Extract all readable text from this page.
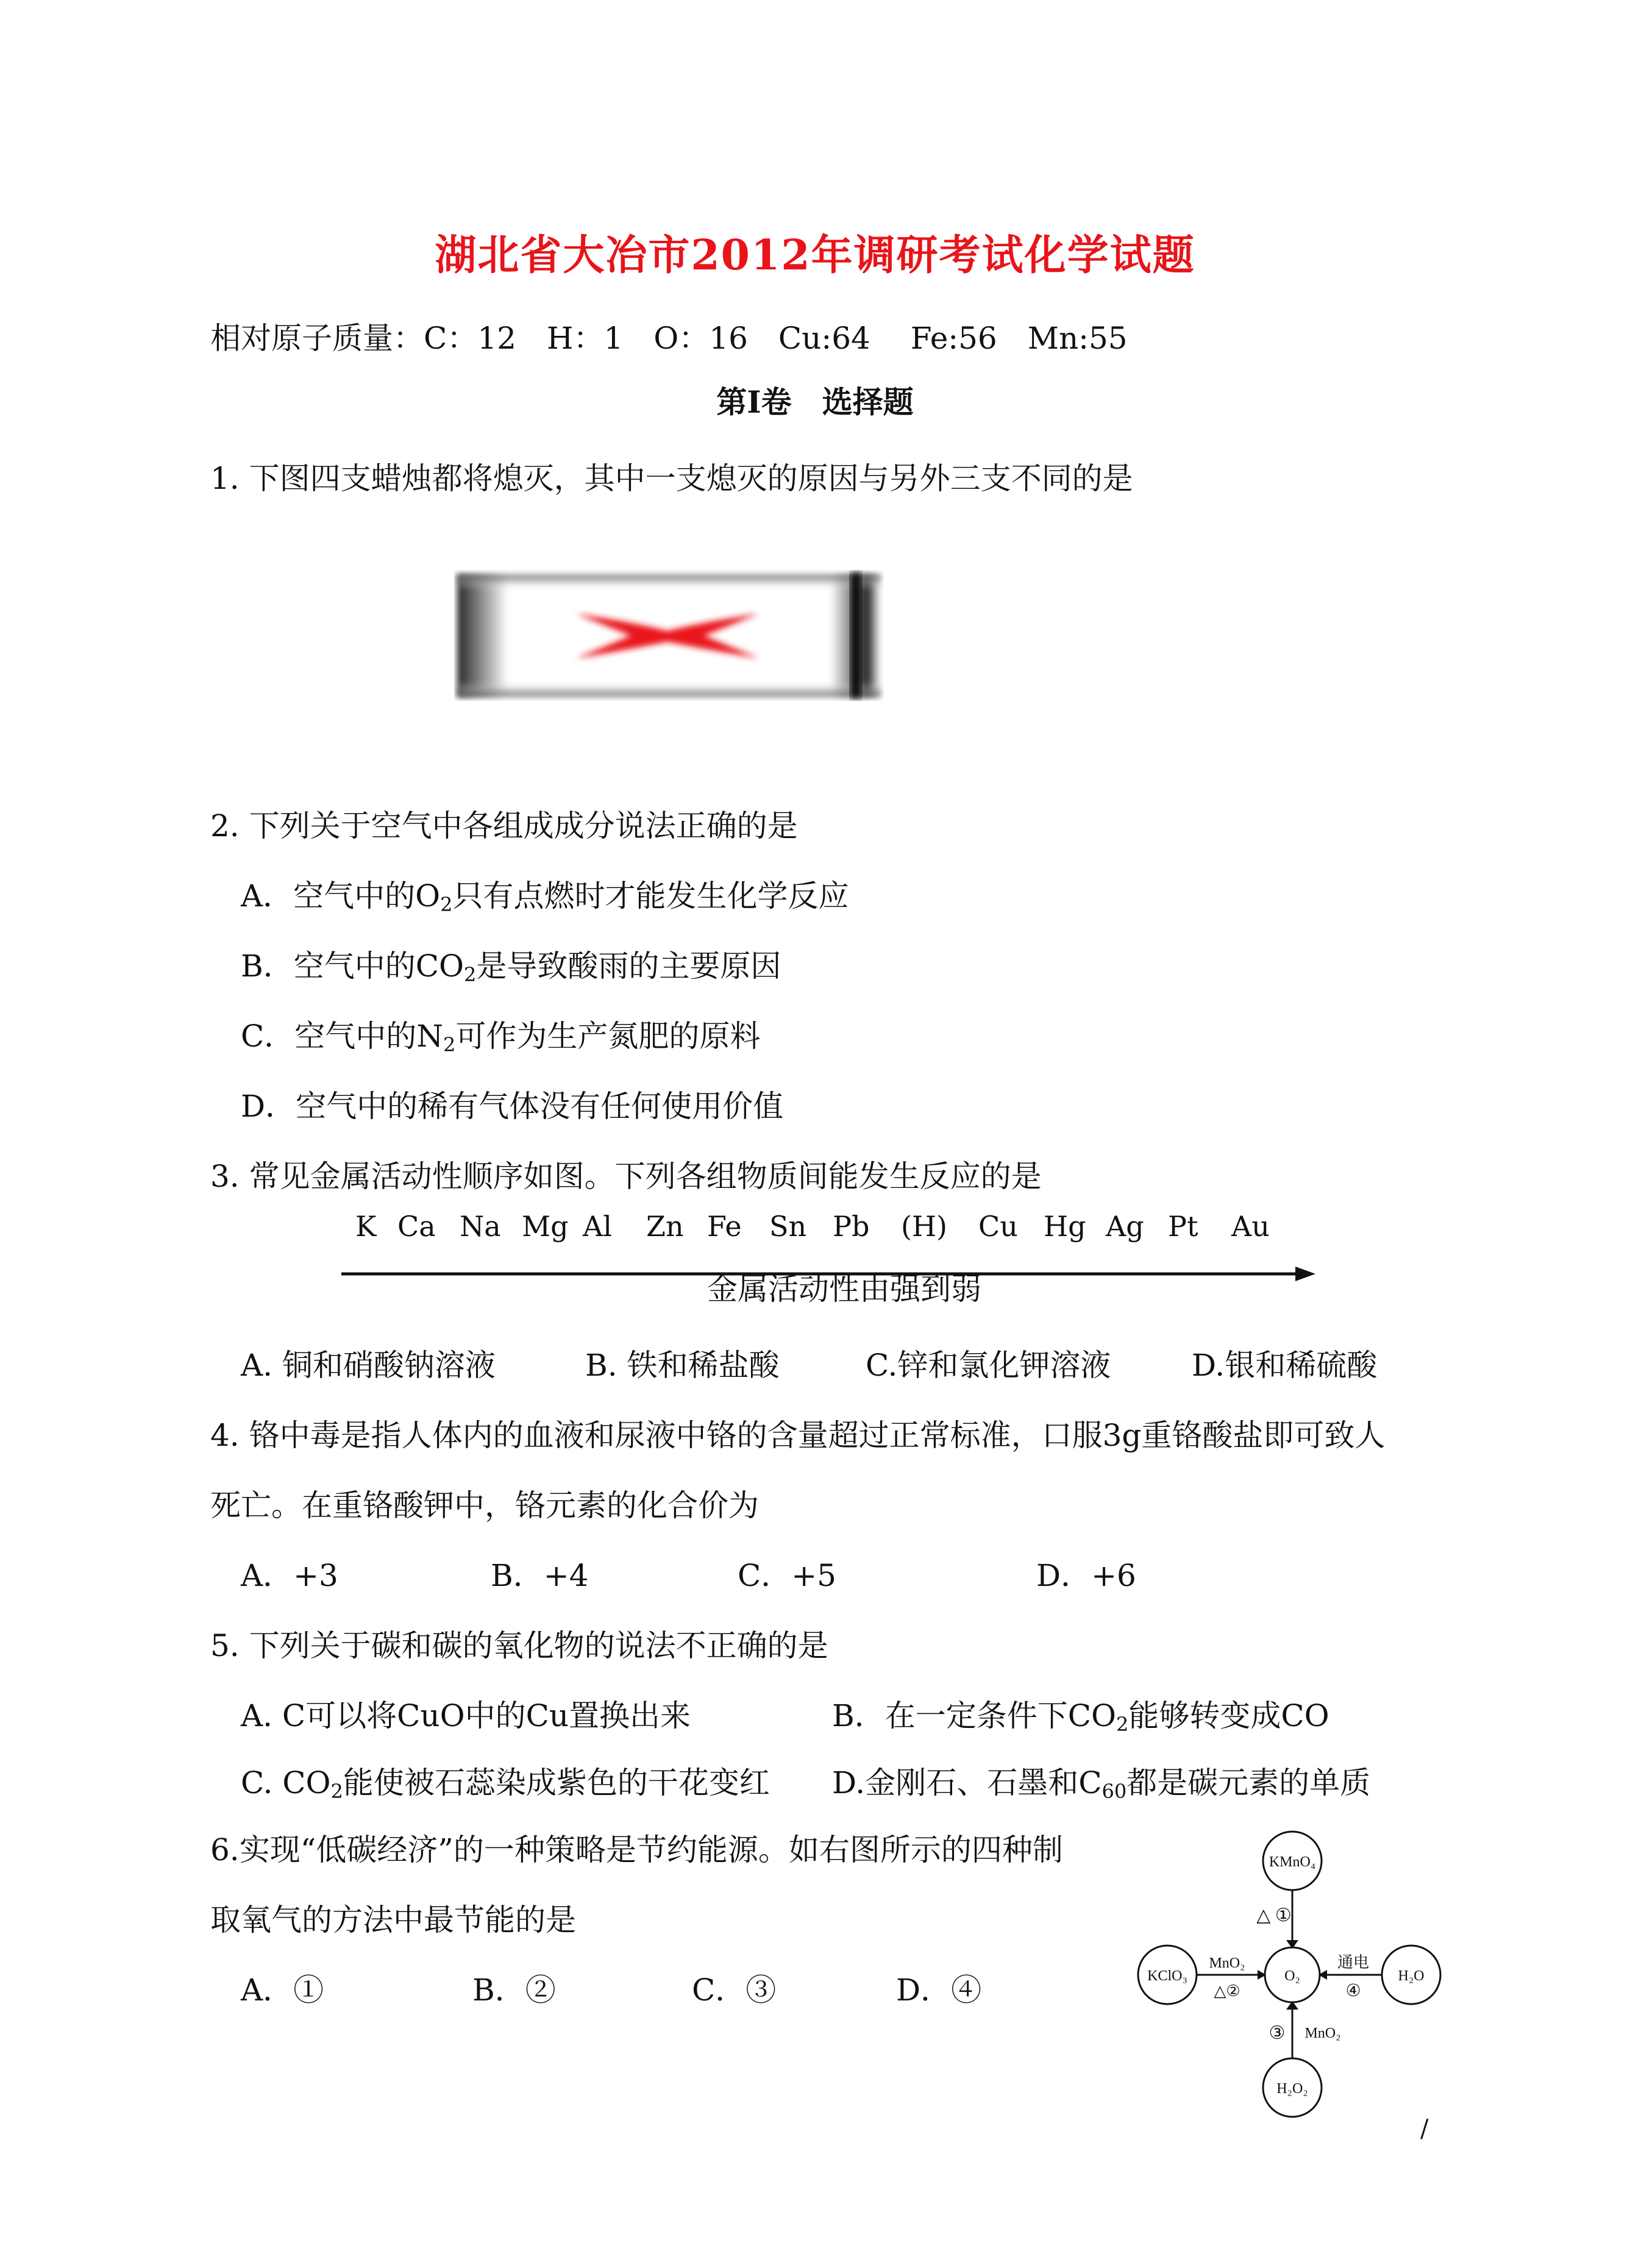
湖北省大冶市2012年调研考试化学试题
相对原子质量：C：12　H：1　O：16　Cu:64　 Fe:56　Mn:55
第Ⅰ卷　选择题
1. 下图四支蜡烛都将熄灭，其中一支熄灭的原因与另外三支不同的是
2. 下列关于空气中各组成成分说法正确的是
A．空气中的$O_2$只有点燃时才能发生化学反应
B．空气中的$CO_2$是导致酸雨的主要原因
C．空气中的$N_2$可作为生产氮肥的原料
D．空气中的稀有气体没有任何使用价值
3. 常见金属活动性顺序如图。下列各组物质间能发生反应的是
K Ca Na Mg Al Zn Fe Sn Pb (H) Cu Hg Ag Pt Au
金属活动性由强到弱
A. 铜和硝酸钠溶液	B. 铁和稀盐酸	C.锌和氯化钾溶液	D.银和稀硫酸
4. 铬中毒是指人体内的血液和尿液中铬的含量超过正常标准，口服3g重铬酸盐即可致人
死亡。在重铬酸钾中，铬元素的化合价为
A．+3	B．+4	C．+5	D．+6
5. 下列关于碳和碳的氧化物的说法不正确的是
A. C可以将CuO中的Cu置换出来	B．在一定条件下$CO_2$能够转变成CO
C. $CO_2$能使被石蕊染成紫色的干花变红 D.金刚石、石墨和$C_{60}$都是碳元素的单质
6.实现“低碳经济”的一种策略是节约能源。如右图所示的四种制
取氧气的方法中最节能的是
A．①	B．②	C．③	D．④
KMnO₄
KClO₃	O₂	H₂O
H₂O₂
△ ①
MnO₂
△②
通电
④
③ MnO₂
/
